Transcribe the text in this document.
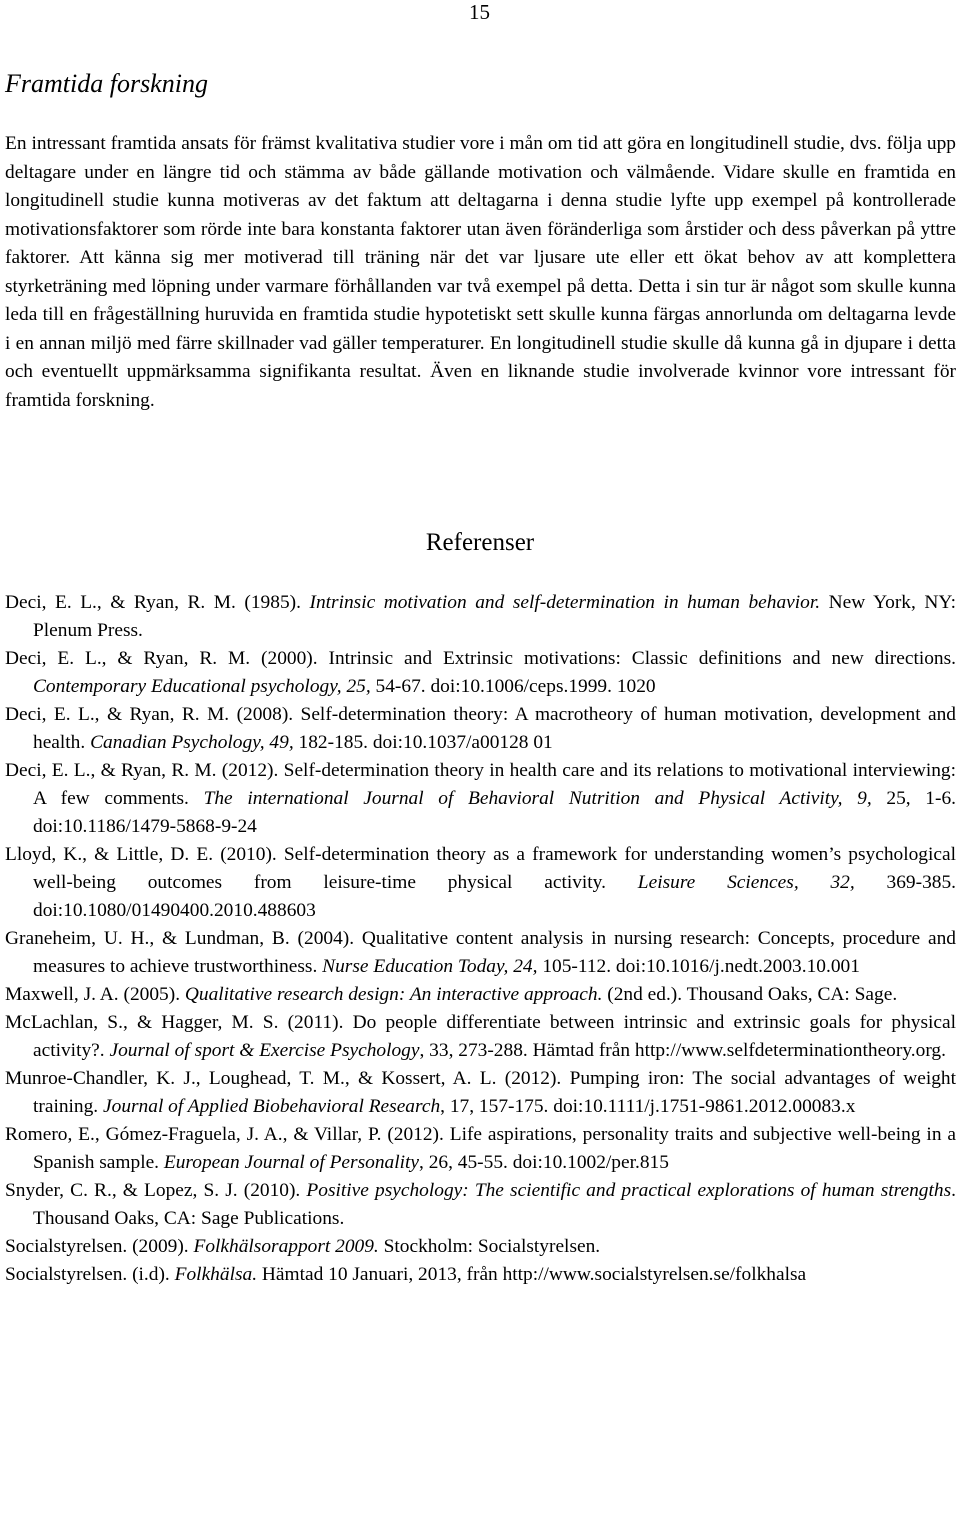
15
Framtida forskning

En intressant framtida ansats för främst kvalitativa studier vore i mån om tid att göra en longitudinell studie, dvs. följa upp deltagare under en längre tid och stämma av både gällande motivation och välmående. Vidare skulle en framtida en longitudinell studie kunna motiveras av det faktum att deltagarna i denna studie lyfte upp exempel på kontrollerade motivationsfaktorer som rörde inte bara konstanta faktorer utan även föränderliga som årstider och dess påverkan på yttre faktorer. Att känna sig mer motiverad till träning när det var ljusare ute eller ett ökat behov av att komplettera styrketräning med löpning under varmare förhållanden var två exempel på detta. Detta i sin tur är något som skulle kunna leda till en frågeställning huruvida en framtida studie hypotetiskt sett skulle kunna färgas annorlunda om deltagarna levde i en annan miljö med färre skillnader vad gäller temperaturer. En longitudinell studie skulle då kunna gå in djupare i detta och eventuellt uppmärksamma signifikanta resultat. Även en liknande studie involverade kvinnor vore intressant för framtida forskning.

Referenser

Deci, E. L., & Ryan, R. M. (1985). Intrinsic motivation and self-determination in human behavior. New York, NY: Plenum Press.

Deci, E. L., & Ryan, R. M. (2000). Intrinsic and Extrinsic motivations: Classic definitions and new directions. Contemporary Educational psychology, 25, 54-67. doi:10.1006/ceps.1999. 1020

Deci, E. L., & Ryan, R. M. (2008). Self-determination theory: A macrotheory of human motivation, development and health. Canadian Psychology, 49, 182-185. doi:10.1037/a00128 01

Deci, E. L., & Ryan, R. M. (2012). Self-determination theory in health care and its relations to motivational interviewing: A few comments. The international Journal of Behavioral Nutrition and Physical Activity, 9, 25, 1-6. doi:10.1186/1479-5868-9-24

Lloyd, K., & Little, D. E. (2010). Self-determination theory as a framework for understanding women’s psychological well-being outcomes from leisure-time physical activity. Leisure Sciences, 32, 369-385. doi:10.1080/01490400.2010.488603

Graneheim, U. H., & Lundman, B. (2004). Qualitative content analysis in nursing research: Concepts, procedure and measures to achieve trustworthiness. Nurse Education Today, 24, 105-112. doi:10.1016/j.nedt.2003.10.001

Maxwell, J. A. (2005). Qualitative research design: An interactive approach. (2nd ed.). Thousand Oaks, CA: Sage.

McLachlan, S., & Hagger, M. S. (2011). Do people differentiate between intrinsic and extrinsic goals for physical activity?. Journal of sport & Exercise Psychology, 33, 273-288. Hämtad från http://www.selfdeterminationtheory.org.

Munroe-Chandler, K. J., Loughead, T. M., & Kossert, A. L. (2012). Pumping iron: The social advantages of weight training. Journal of Applied Biobehavioral Research, 17, 157-175. doi:10.1111/j.1751-9861.2012.00083.x

Romero, E., Gómez-Fraguela, J. A., & Villar, P. (2012). Life aspirations, personality traits and subjective well-being in a Spanish sample. European Journal of Personality, 26, 45-55. doi:10.1002/per.815

Snyder, C. R., & Lopez, S. J. (2010). Positive psychology: The scientific and practical explorations of human strengths. Thousand Oaks, CA: Sage Publications.

Socialstyrelsen. (2009). Folkhälsorapport 2009. Stockholm: Socialstyrelsen.

Socialstyrelsen. (i.d). Folkhälsa. Hämtad 10 Januari, 2013, från http://www.socialstyrelsen.se/folkhalsa
